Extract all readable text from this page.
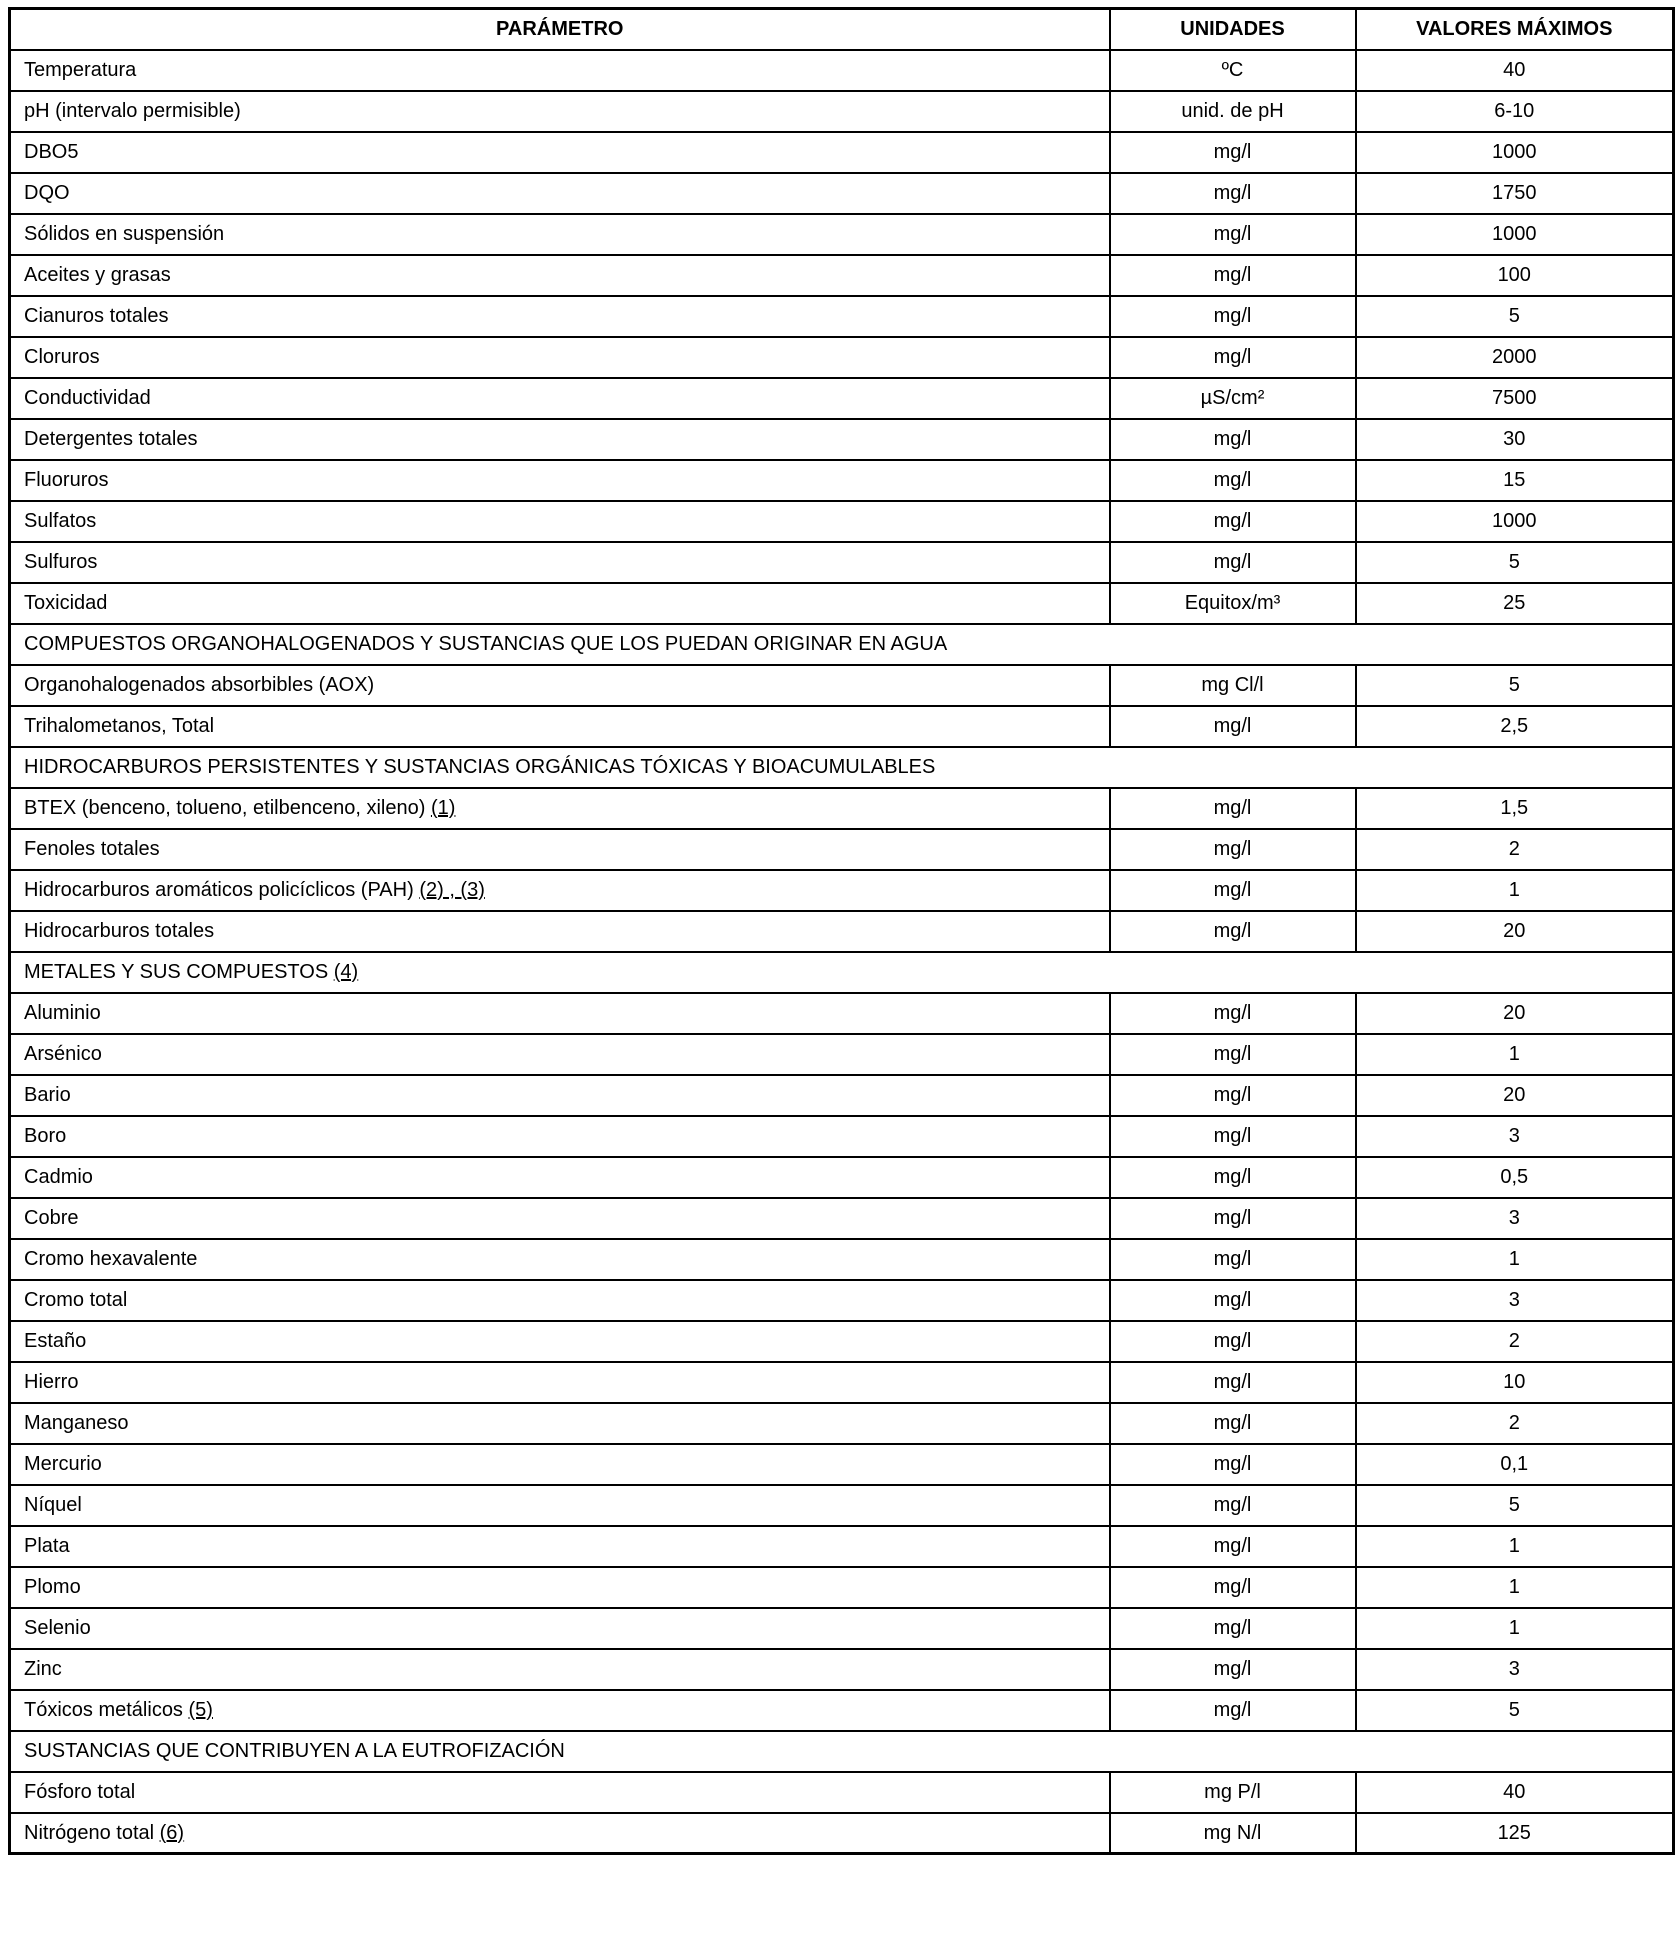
PARÁMETRO	UNIDADES	VALORES MÁXIMOS
Temperatura	ºC	40
pH (intervalo permisible)	unid. de pH	6-10
DBO5	mg/l	1000
DQO	mg/l	1750
Sólidos en suspensión	mg/l	1000
Aceites y grasas	mg/l	100
Cianuros totales	mg/l	5
Cloruros	mg/l	2000
Conductividad	µS/cm²	7500
Detergentes totales	mg/l	30
Fluoruros	mg/l	15
Sulfatos	mg/l	1000
Sulfuros	mg/l	5
Toxicidad	Equitox/m³	25
COMPUESTOS ORGANOHALOGENADOS Y SUSTANCIAS QUE LOS PUEDAN ORIGINAR EN AGUA		
Organohalogenados absorbibles (AOX)	mg Cl/l	5
Trihalometanos, Total	mg/l	2,5
HIDROCARBUROS PERSISTENTES Y SUSTANCIAS ORGÁNICAS TÓXICAS Y BIOACUMULABLES		
BTEX (benceno, tolueno, etilbenceno, xileno) (1)	mg/l	1,5
Fenoles totales	mg/l	2
Hidrocarburos aromáticos policíclicos (PAH) (2) , (3)	mg/l	1
Hidrocarburos totales	mg/l	20
METALES Y SUS COMPUESTOS (4)		
Aluminio	mg/l	20
Arsénico	mg/l	1
Bario	mg/l	20
Boro	mg/l	3
Cadmio	mg/l	0,5
Cobre	mg/l	3
Cromo hexavalente	mg/l	1
Cromo total	mg/l	3
Estaño	mg/l	2
Hierro	mg/l	10
Manganeso	mg/l	2
Mercurio	mg/l	0,1
Níquel	mg/l	5
Plata	mg/l	1
Plomo	mg/l	1
Selenio	mg/l	1
Zinc	mg/l	3
Tóxicos metálicos (5)	mg/l	5
SUSTANCIAS QUE CONTRIBUYEN A LA EUTROFIZACIÓN		
Fósforo total	mg P/l	40
Nitrógeno total (6)	mg N/l	125
